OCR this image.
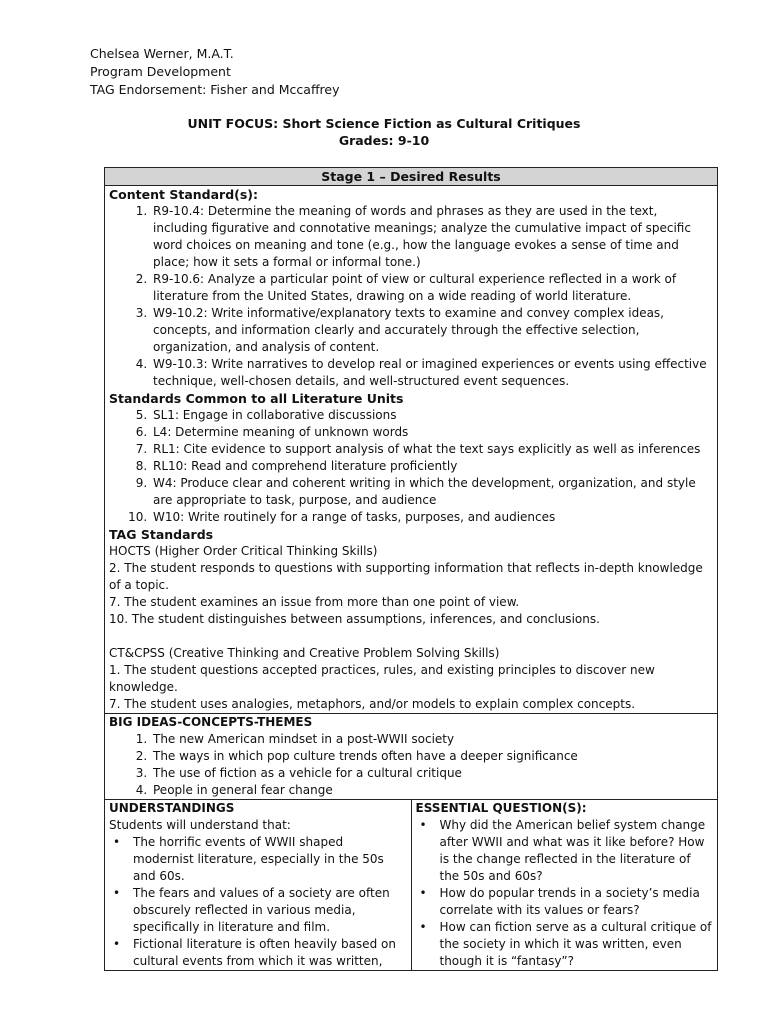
Chelsea Werner, M.A.T.
Program Development
TAG Endorsement: Fisher and Mccaffrey
UNIT FOCUS: Short Science Fiction as Cultural Critiques
Grades: 9-10
Stage 1 – Desired Results

Content Standard(s):
1. R9-10.4: Determine the meaning of words and phrases as they are used in the text, including figurative and connotative meanings; analyze the cumulative impact of specific word choices on meaning and tone (e.g., how the language evokes a sense of time and place; how it sets a formal or informal tone.)
2. R9-10.6: Analyze a particular point of view or cultural experience reflected in a work of literature from the United States, drawing on a wide reading of world literature.
3. W9-10.2: Write informative/explanatory texts to examine and convey complex ideas, concepts, and information clearly and accurately through the effective selection, organization, and analysis of content.
4. W9-10.3: Write narratives to develop real or imagined experiences or events using effective technique, well-chosen details, and well-structured event sequences.
Standards Common to all Literature Units
5. SL1: Engage in collaborative discussions
6. L4: Determine meaning of unknown words
7. RL1: Cite evidence to support analysis of what the text says explicitly as well as inferences
8. RL10: Read and comprehend literature proficiently
9. W4: Produce clear and coherent writing in which the development, organization, and style are appropriate to task, purpose, and audience
10. W10: Write routinely for a range of tasks, purposes, and audiences
TAG Standards

HOCTS (Higher Order Critical Thinking Skills)

2. The student responds to questions with supporting information that reflects in-depth knowledge of a topic.

7. The student examines an issue from more than one point of view.

10. The student distinguishes between assumptions, inferences, and conclusions.

CT&CPSS (Creative Thinking and Creative Problem Solving Skills)

1. The student questions accepted practices, rules, and existing principles to discover new knowledge.

7. The student uses analogies, metaphors, and/or models to explain complex concepts.

BIG IDEAS-CONCEPTS-THEMES
1. The new American mindset in a post-WWII society
2. The ways in which pop culture trends often have a deeper significance
3. The use of fiction as a vehicle for a cultural critique
4. People in general fear change

UNDERSTANDINGS
Students will understand that:
• The horrific events of WWII shaped modernist literature, especially in the 50s and 60s.
• The fears and values of a society are often obscurely reflected in various media, specifically in literature and film.
• Fictional literature is often heavily based on cultural events from which it was written,

ESSENTIAL QUESTION(S):
• Why did the American belief system change after WWII and what was it like before? How is the change reflected in the literature of the 50s and 60s?
• How do popular trends in a society’s media correlate with its values or fears?
• How can fiction serve as a cultural critique of the society in which it was written, even though it is “fantasy”?
